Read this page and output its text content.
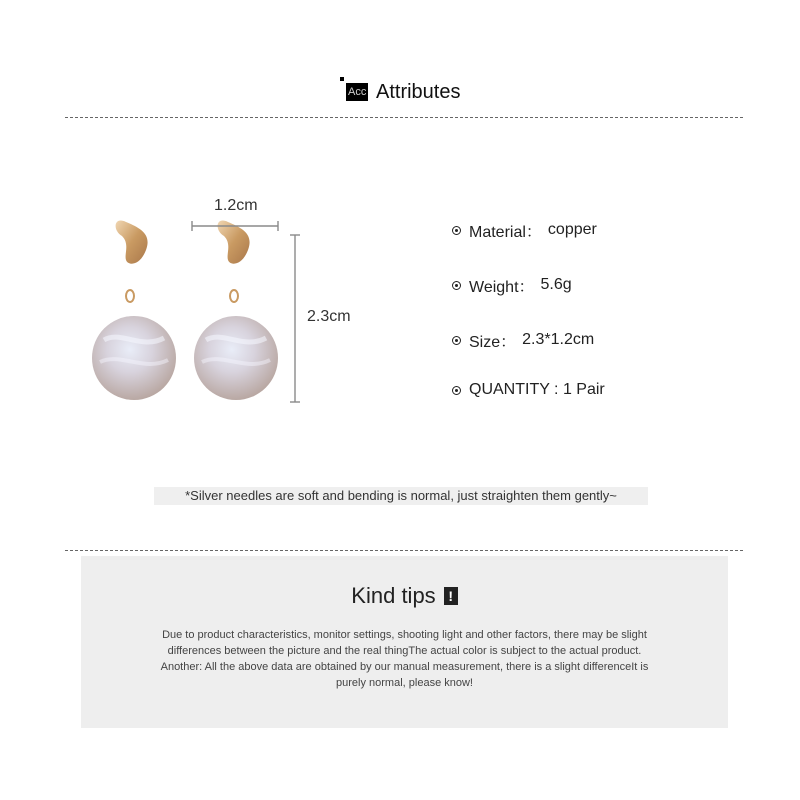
Acc Attributes
1.2cm
2.3cm
Material： copper
Weight： 5.6g
Size： 2.3*1.2cm
QUANTITY : 1 Pair
*Silver needles are soft and bending is normal, just straighten them gently~
Kind tips !
Due to product characteristics, monitor settings, shooting light and other factors, there may be slight
differences between the picture and the real thingThe actual color is subject to the actual product.
Another: All the above data are obtained by our manual measurement, there is a slight differenceIt is
purely normal, please know!
